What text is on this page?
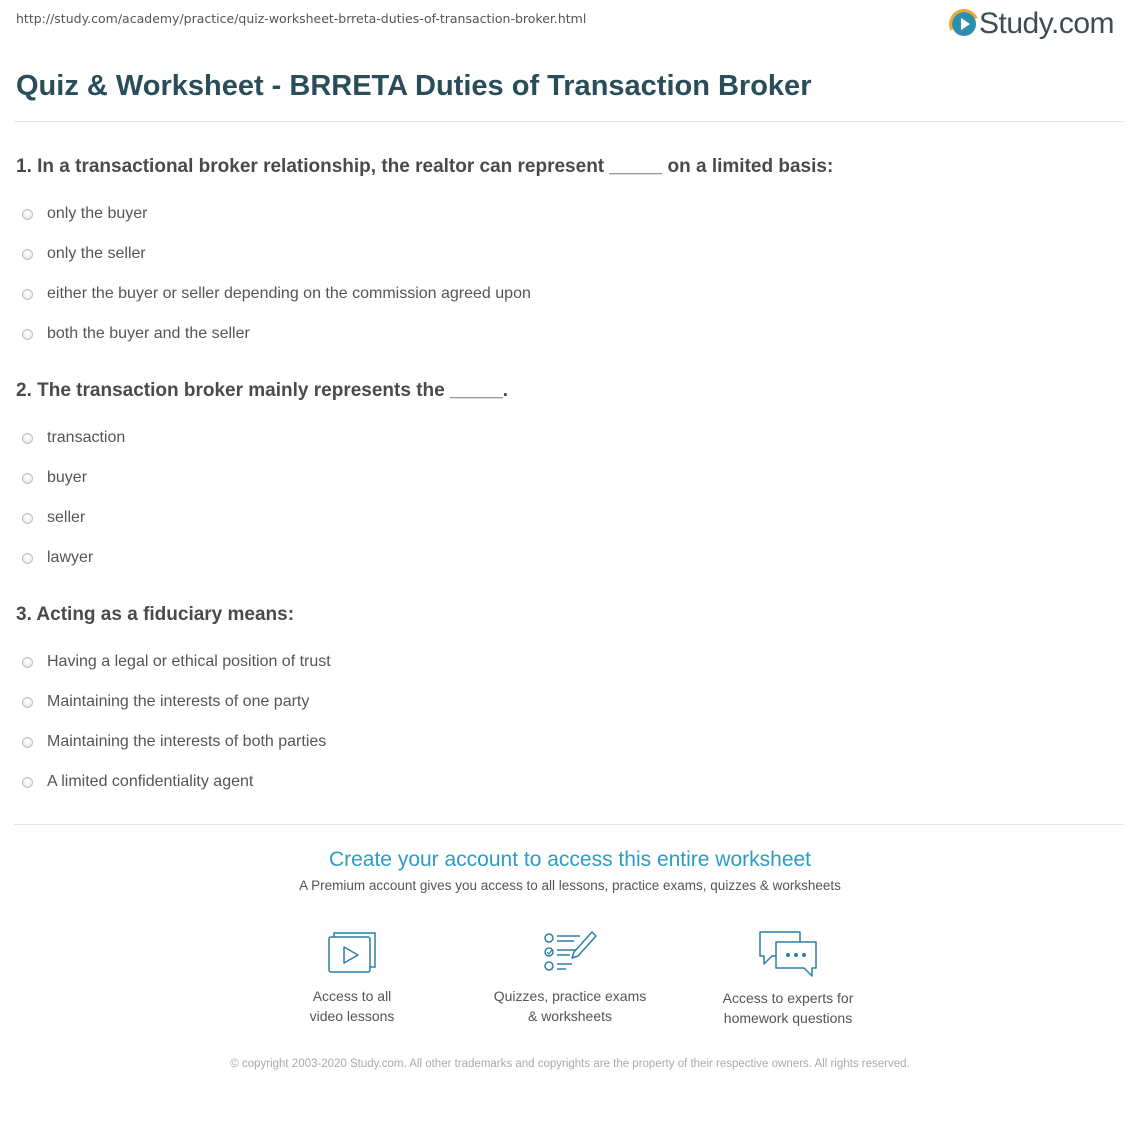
http://study.com/academy/practice/quiz-worksheet-brreta-duties-of-transaction-broker.html	Study.com
Quiz & Worksheet - BRRETA Duties of Transaction Broker
1. In a transactional broker relationship, the realtor can represent _____ on a limited basis:
only the buyer
only the seller
either the buyer or seller depending on the commission agreed upon
both the buyer and the seller
2. The transaction broker mainly represents the _____.
transaction
buyer
seller
lawyer
3. Acting as a fiduciary means:
Having a legal or ethical position of trust
Maintaining the interests of one party
Maintaining the interests of both parties
A limited confidentiality agent
Create your account to access this entire worksheet
A Premium account gives you access to all lessons, practice exams, quizzes & worksheets
Access to all
video lessons
Quizzes, practice exams
& worksheets
Access to experts for
homework questions
© copyright 2003-2020 Study.com. All other trademarks and copyrights are the property of their respective owners. All rights reserved.
